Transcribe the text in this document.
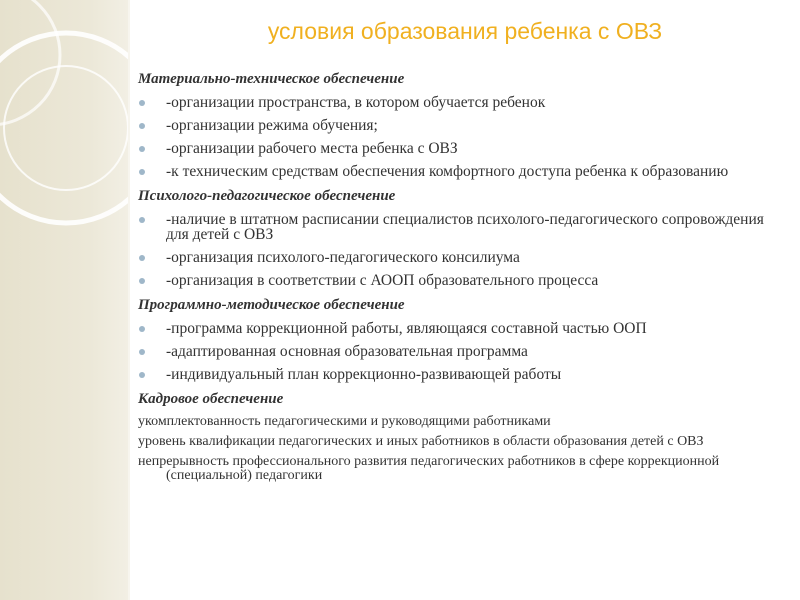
условия образования ребенка с ОВЗ
Материально-техническое обеспечение
-организации пространства, в котором обучается ребенок
-организации режима обучения;
-организации рабочего места ребенка с ОВЗ
-к техническим средствам обеспечения комфортного доступа ребенка к образованию
Психолого-педагогическое обеспечение
-наличие в штатном расписании специалистов психолого-педагогического сопровождения для детей с ОВЗ
-организация психолого-педагогического консилиума
-организация в соответствии с АООП образовательного процесса
Программно-методическое обеспечение
-программа коррекционной работы, являющаяся составной частью ООП
-адаптированная основная образовательная программа
-индивидуальный план коррекционно-развивающей работы
Кадровое обеспечение
укомплектованность педагогическими и руководящими работниками
уровень квалификации педагогических и иных работников в области образования детей с ОВЗ
непрерывность профессионального развития педагогических работников в сфере коррекционной (специальной) педагогики
